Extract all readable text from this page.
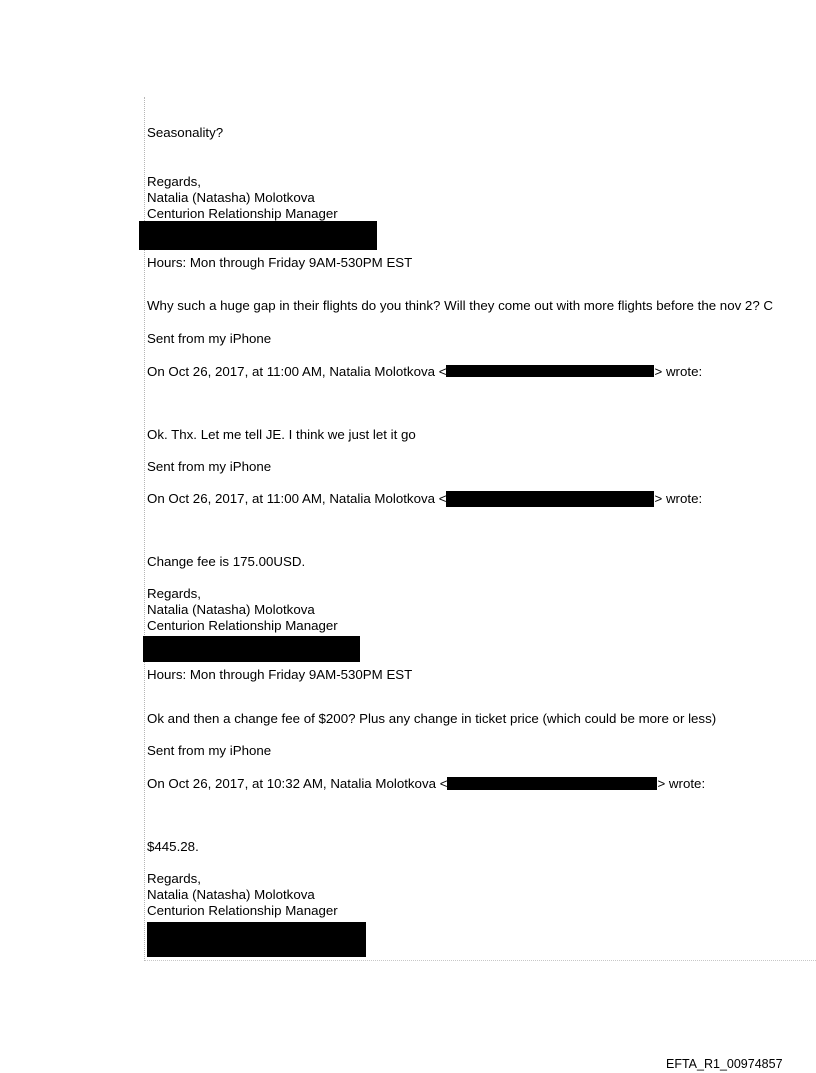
Seasonality?
Regards,
Natalia (Natasha) Molotkova
Centurion Relationship Manager
Hours: Mon through Friday 9AM-530PM EST
Why such a huge gap in their flights do you think? Will they come out with more flights before the nov 2? C
Sent from my iPhone
On Oct 26, 2017, at 11:00 AM, Natalia Molotkova <	> wrote:
Ok. Thx. Let me tell JE. I think we just let it go
Sent from my iPhone
On Oct 26, 2017, at 11:00 AM, Natalia Molotkova <	> wrote:
Change fee is 175.00USD.
Regards,
Natalia (Natasha) Molotkova
Centurion Relationship Manager
Hours: Mon through Friday 9AM-530PM EST
Ok and then a change fee of $200? Plus any change in ticket price (which could be more or less)
Sent from my iPhone
On Oct 26, 2017, at 10:32 AM, Natalia Molotkova <	> wrote:
$445.28.
Regards,
Natalia (Natasha) Molotkova
Centurion Relationship Manager
EFTA_R1_00974857
